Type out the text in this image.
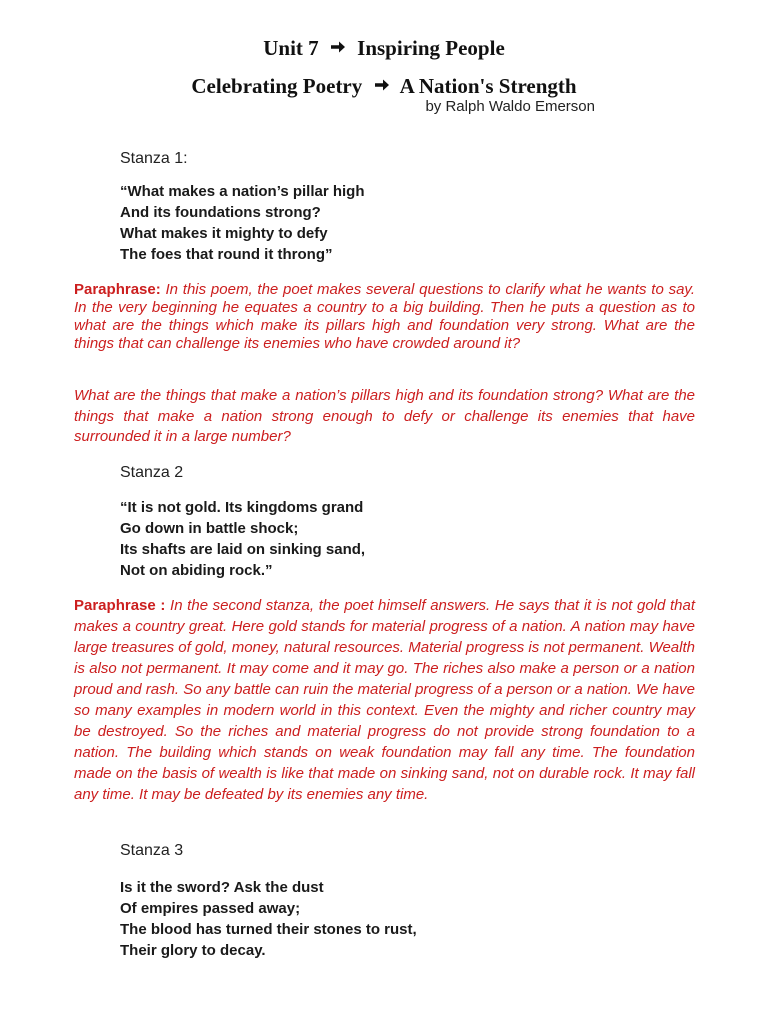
Unit 7 Inspiring People
Celebrating Poetry A Nation's Strength
by Ralph Waldo Emerson
Stanza 1:
“What makes a nation’s pillar high
And its foundations strong?
What makes it mighty to defy
The foes that round it throng”

Paraphrase: In this poem, the poet makes several questions to clarify what he wants to say. In the very beginning he equates a country to a big building. Then he puts a question as to what are the things which make its pillars high and foundation very strong. What are the things that can challenge its enemies who have crowded around it?

What are the things that make a nation’s pillars high and its foundation strong? What are the things that make a nation strong enough to defy or challenge its enemies that have surrounded it in a large number?

Stanza 2
“It is not gold. Its kingdoms grand
Go down in battle shock;
Its shafts are laid on sinking sand,
Not on abiding rock.”

Paraphrase : In the second stanza, the poet himself answers. He says that it is not gold that makes a country great. Here gold stands for material progress of a nation. A nation may have large treasures of gold, money, natural resources. Material progress is not permanent. Wealth is also not permanent. It may come and it may go. The riches also make a person or a nation proud and rash. So any battle can ruin the material progress of a person or a nation. We have so many examples in modern world in this context. Even the mighty and richer country may be destroyed. So the riches and material progress do not provide strong foundation to a nation. The building which stands on weak foundation may fall any time. The foundation made on the basis of wealth is like that made on sinking sand, not on durable rock. It may fall any time. It may be defeated by its enemies any time.

Stanza 3
Is it the sword? Ask the dust
Of empires passed away;
The blood has turned their stones to rust,
Their glory to decay.
